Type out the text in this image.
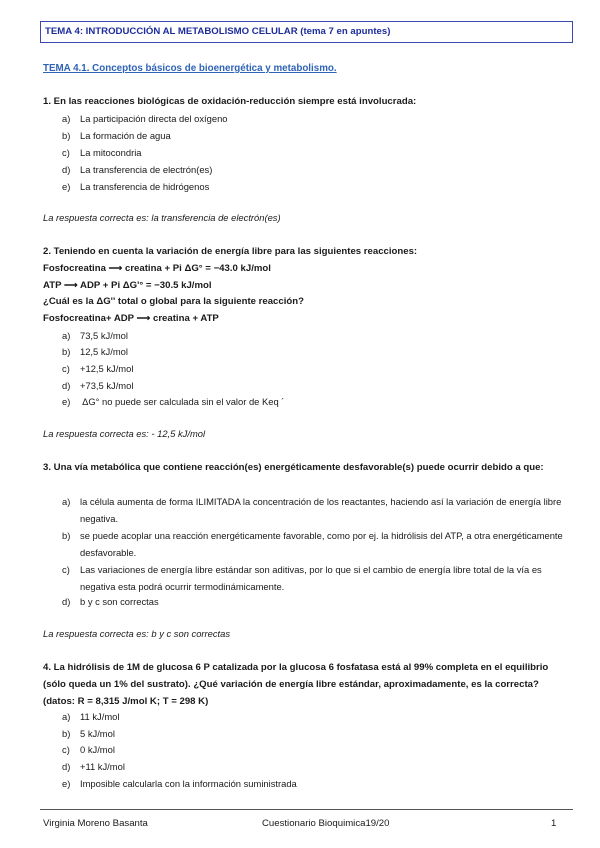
TEMA 4: INTRODUCCIÓN AL METABOLISMO CELULAR (tema 7 en apuntes)
TEMA 4.1. Conceptos básicos de bioenergética y metabolismo.
1. En las reacciones biológicas de oxidación-reducción siempre está involucrada:
a) La participación directa del oxígeno
b) La formación de agua
c) La mitocondria
d) La transferencia de electrón(es)
e) La transferencia de hidrógenos
La respuesta correcta es: la transferencia de electrón(es)
2. Teniendo en cuenta la variación de energía libre para las siguientes reacciones:
Fosfocreatina ⟶ creatina + Pi ΔG° = −43.0 kJ/mol
ATP ⟶ ADP + Pi ΔG'° = −30.5 kJ/mol
¿Cuál es la ΔG'' total o global para la siguiente reacción?
Fosfocreatina+ ADP ⟶ creatina + ATP
a) 73,5 kJ/mol
b) 12,5 kJ/mol
c) +12,5 kJ/mol
d) +73,5 kJ/mol
e) ΔG° no puede ser calculada sin el valor de Keq ´
La respuesta correcta es: - 12,5 kJ/mol
3. Una vía metabólica que contiene reacción(es) energéticamente desfavorable(s) puede ocurrir debido a que:
a)	la célula aumenta de forma ILIMITADA la concentración de los reactantes, haciendo así la variación de energía libre negativa.
b)	se puede acoplar una reacción energéticamente favorable, como por ej. la hidrólisis del ATP, a otra energéticamente desfavorable.
c)	Las variaciones de energía libre estándar son aditivas, por lo que si el cambio de energía libre total de la vía es negativa esta podrá ocurrir termodinámicamente.
d) b y c son correctas
La respuesta correcta es: b y c son correctas
4. La hidrólisis de 1M de glucosa 6 P catalizada por la glucosa 6 fosfatasa está al 99% completa en el equilibrio (sólo queda un 1% del sustrato). ¿Qué variación de energía libre estándar, aproximadamente, es la correcta? (datos: R = 8,315 J/mol K; T = 298 K)
a) 11 kJ/mol
b) 5 kJ/mol
c) 0 kJ/mol
d) +11 kJ/mol
e) Imposible calcularla con la información suministrada
Virginia Moreno Basanta	Cuestionario Bioquimica19/20	1
